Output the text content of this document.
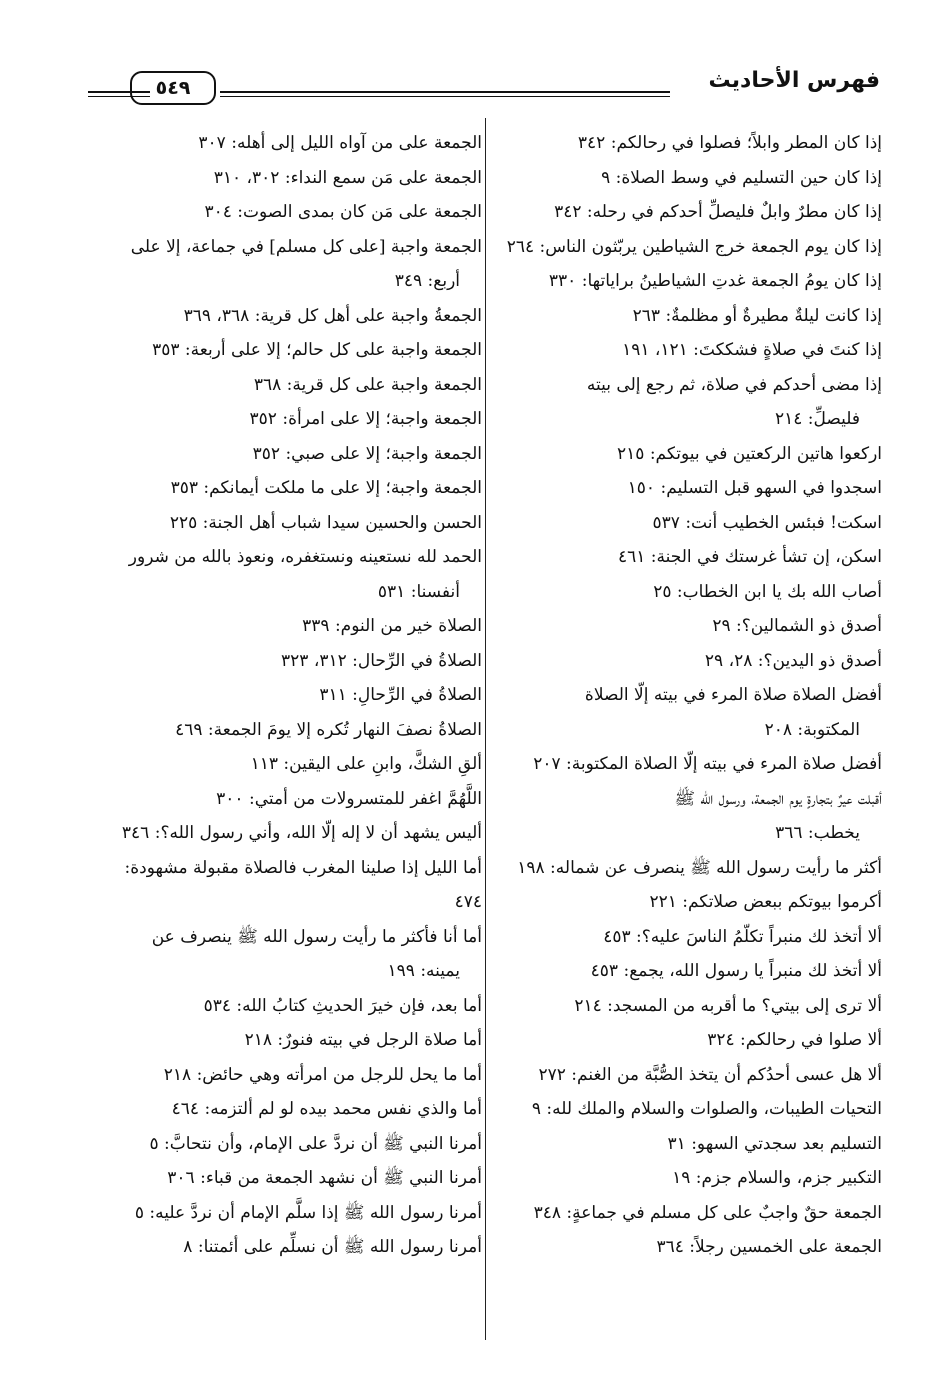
فهرس الأحاديث
٥٤٩
إذا كان المطر وابلاً؛ فصلوا في رحالكم: ٣٤٢
إذا كان حين التسليم في وسط الصلاة: ٩
إذا كان مطرٌ وابلٌ فليصلِّ أحدكم في رحله: ٣٤٢
إذا كان يوم الجمعة خرج الشياطين يربّثون الناس: ٢٦٤
إذا كان يومُ الجمعة غدتِ الشياطينُ براياتها: ٣٣٠
إذا كانت ليلةٌ مطيرةٌ أو مظلمةٌ: ٢٦٣
إذا كنتَ في صلاةٍ فشككتَ: ١٢١، ١٩١
إذا مضى أحدكم في صلاة، ثم رجع إلى بيته
فليصلِّ: ٢١٤
اركعوا هاتين الركعتين في بيوتكم: ٢١٥
اسجدوا في السهو قبل التسليم: ١٥٠
اسكت! فبئس الخطيب أنت: ٥٣٧
اسكن، إن تشأ غرستك في الجنة: ٤٦١
أصاب الله بك يا ابن الخطاب: ٢٥
أصدق ذو الشمالين؟: ٢٩
أصدق ذو اليدين؟: ٢٨، ٢٩
أفضل الصلاة صلاة المرء في بيته إلّا الصلاة
المكتوبة: ٢٠٨
أفضل صلاة المرء في بيته إلّا الصلاة المكتوبة: ٢٠٧
أقبلت عيرٌ بتجارةٍ يوم الجمعة، ورسول الله ﷺ
يخطب: ٣٦٦
أكثر ما رأيت رسول الله ﷺ ينصرف عن شماله: ١٩٨
أكرموا بيوتكم ببعض صلاتكم: ٢٢١
ألا أتخذ لك منبراً تكلّمُ الناسَ عليه؟: ٤٥٣
ألا أتخذ لك منبراً يا رسول الله، يجمع: ٤٥٣
ألا ترى إلى بيتي؟ ما أقربه من المسجد: ٢١٤
ألا صلوا في رحالكم: ٣٢٤
ألا هل عسى أحدُكم أن يتخذ الصُّبَّة من الغنم: ٢٧٢
التحيات الطيبات، والصلوات والسلام والملك لله: ٩
التسليم بعد سجدتي السهو: ٣١
التكبير جزم، والسلام جزم: ١٩
الجمعة حقٌ واجبٌ على كل مسلم في جماعةٍ: ٣٤٨
الجمعة على الخمسين رجلاً: ٣٦٤
الجمعة على من آواه الليل إلى أهله: ٣٠٧
الجمعة على مَن سمع النداء: ٣٠٢، ٣١٠
الجمعة على مَن كان بمدى الصوت: ٣٠٤
الجمعة واجبة [على كل مسلم] في جماعة، إلا على
أربع: ٣٤٩
الجمعةُ واجبة على أهل كل قرية: ٣٦٨، ٣٦٩
الجمعة واجبة على كل حالم؛ إلا على أربعة: ٣٥٣
الجمعة واجبة على كل قرية: ٣٦٨
الجمعة واجبة؛ إلا على امرأة: ٣٥٢
الجمعة واجبة؛ إلا على صبي: ٣٥٢
الجمعة واجبة؛ إلا على ما ملكت أيمانكم: ٣٥٣
الحسن والحسين سيدا شباب أهل الجنة: ٢٢٥
الحمد لله نستعينه ونستغفره، ونعوذ بالله من شرور
أنفسنا: ٥٣١
الصلاة خير من النوم: ٣٣٩
الصلاةُ في الرِّحال: ٣١٢، ٣٢٣
الصلاةُ في الرِّحالِ: ٣١١
الصلاةُ نصفَ النهار تُكره إلا يومَ الجمعة: ٤٦٩
ألقِ الشكَّ، وابنِ على اليقين: ١١٣
اللَّهُمَّ اغفر للمتسرولات من أمتي: ٣٠٠
أليس يشهد أن لا إله إلّا الله، وأني رسول الله؟: ٣٤٦
أما الليل إذا صلينا المغرب فالصلاة مقبولة مشهودة:
٤٧٤
أما أنا فأكثر ما رأيت رسول الله ﷺ ينصرف عن
يمينه: ١٩٩
أما بعد، فإن خيرَ الحديثِ كتابُ الله: ٥٣٤
أما صلاة الرجل في بيته فنورٌ: ٢١٨
أما ما يحل للرجل من امرأته وهي حائض: ٢١٨
أما والذي نفس محمد بيده لو لم ألتزمه: ٤٦٤
أمرنا النبي ﷺ أن نردَّ على الإمام، وأن نتحابَّ: ٥
أمرنا النبي ﷺ أن نشهد الجمعة من قباء: ٣٠٦
أمرنا رسول الله ﷺ إذا سلَّم الإمام أن نردَّ عليه: ٥
أمرنا رسول الله ﷺ أن نسلِّم على أئمتنا: ٨
